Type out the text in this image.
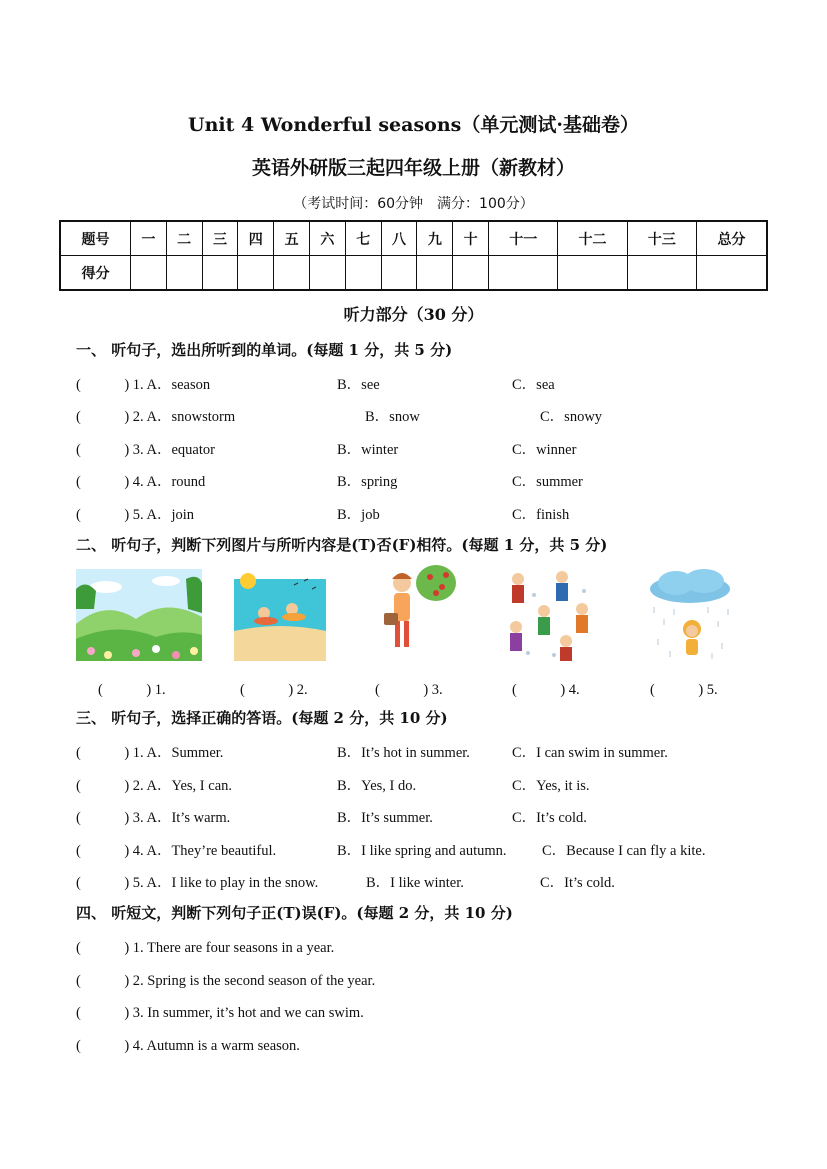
Unit 4 Wonderful seasons（单元测试·基础卷）
英语外研版三起四年级上册（新教材）
（考试时间：60分钟　满分：100分）
题号	一	二	三	四	五	六	七	八	九	十	十一	十二	十三	总分
得分														
听力部分（30 分）
一、 听句子，选出所听到的单词。(每题 1 分，共 5 分)
(　　　) 1. A．season	B．see	C．sea
(　　　) 2. A．snowstorm	B．snow	C．snowy
(　　　) 3. A．equator	B．winter	C．winner
(　　　) 4. A．round	B．spring	C．summer
(　　　) 5. A．join	B．job	C．finish
二、 听句子，判断下列图片与所听内容是(T)否(F)相符。(每题 1 分，共 5 分)
(　　　) 1.	(　　　) 2.	(　　　) 3.	(　　　) 4.	(　　　) 5.
三、 听句子，选择正确的答语。(每题 2 分，共 10 分)
(　　　) 1. A．Summer.	B．It’s hot in summer.	C．I can swim in summer.
(　　　) 2. A．Yes, I can.	B．Yes, I do.	C．Yes, it is.
(　　　) 3. A．It’s warm.	B．It’s summer.	C．It’s cold.
(　　　) 4. A．They’re beautiful.	B．I like spring and autumn. C．Because I can fly a kite.
(　　　) 5. A．I like to play in the snow.	B．I like winter.	C．It’s cold.
四、 听短文，判断下列句子正(T)误(F)。(每题 2 分，共 10 分)
(　　　) 1. There are four seasons in a year.
(　　　) 2. Spring is the second season of the year.
(　　　) 3. In summer, it’s hot and we can swim.
(　　　) 4. Autumn is a warm season.
